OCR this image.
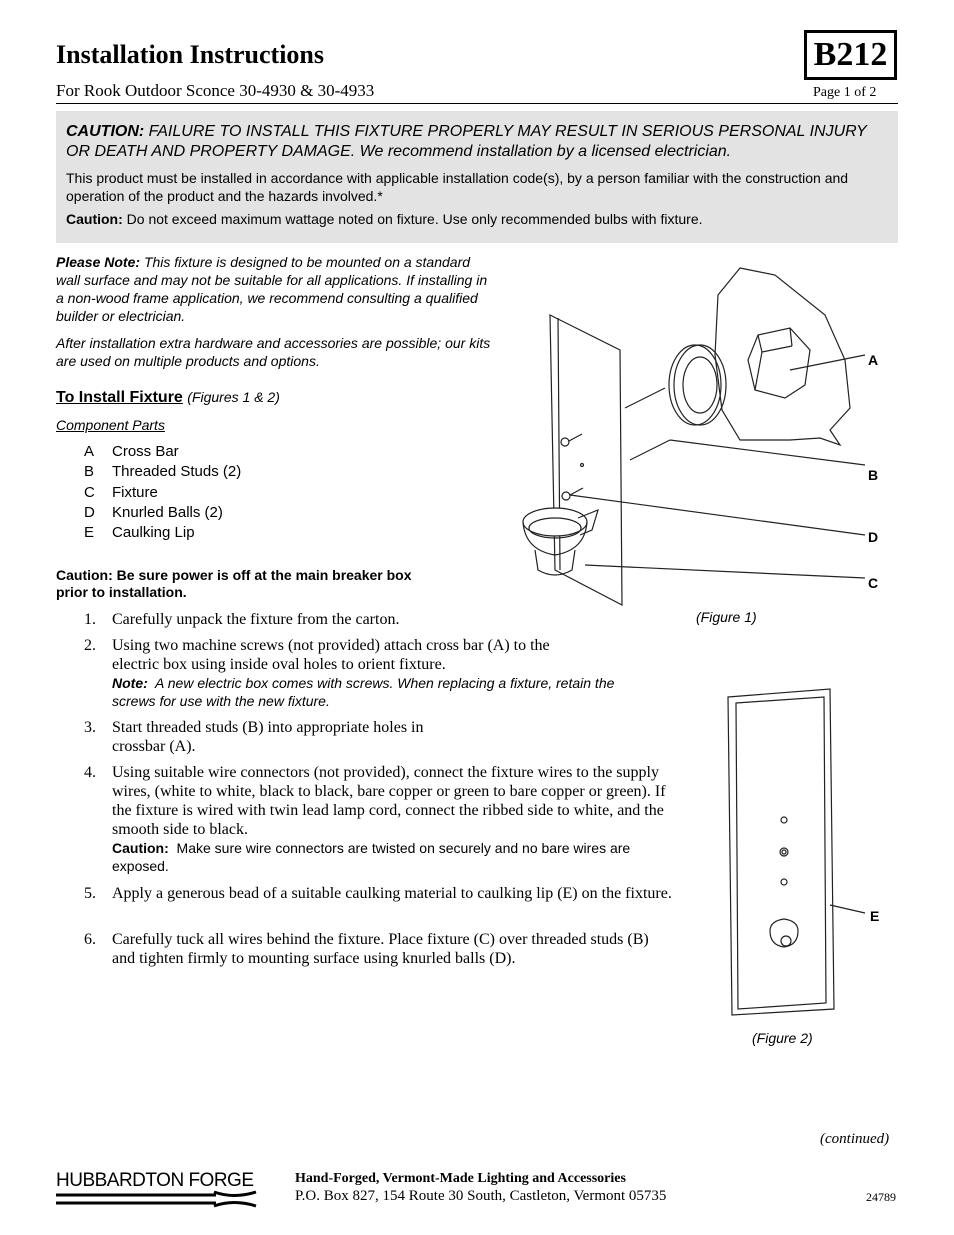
Installation Instructions
For Rook Outdoor Sconce 30-4930 & 30-4933
B212
Page 1 of 2
CAUTION: FAILURE TO INSTALL THIS FIXTURE PROPERLY MAY RESULT IN SERIOUS PERSONAL INJURY OR DEATH AND PROPERTY DAMAGE. We recommend installation by a licensed electrician.
This product must be installed in accordance with applicable installation code(s), by a person familiar with the construction and operation of the product and the hazards involved.*
Caution: Do not exceed maximum wattage noted on fixture. Use only recommended bulbs with fixture.
Please Note: This fixture is designed to be mounted on a standard wall surface and may not be suitable for all applications. If installing in a non-wood frame application, we recommend consulting a qualified builder or electrician.
After installation extra hardware and accessories are possible; our kits are used on multiple products and options.
To Install Fixture (Figures 1 & 2)
Component Parts
A Cross Bar
B Threaded Studs (2)
C Fixture
D Knurled Balls (2)
E Caulking Lip
Caution: Be sure power is off at the main breaker box
prior to installation.
1. Carefully unpack the fixture from the carton.
2. Using two machine screws (not provided) attach cross bar (A) to the electric box using inside oval holes to orient fixture.
Note: A new electric box comes with screws. When replacing a fixture, retain the screws for use with the new fixture.
3. Start threaded studs (B) into appropriate holes in crossbar (A).
4. Using suitable wire connectors (not provided), connect the fixture wires to the supply wires, (white to white, black to black, bare copper or green to bare copper or green). If the fixture is wired with twin lead lamp cord, connect the ribbed side to white, and the smooth side to black.
Caution: Make sure wire connectors are twisted on securely and no bare wires are exposed.
5. Apply a generous bead of a suitable caulking material to caulking lip (E) on the fixture.
6. Carefully tuck all wires behind the fixture. Place fixture (C) over threaded studs (B) and tighten firmly to mounting surface using knurled balls (D).
A
B
D
C
(Figure 1)
E
(Figure 2)
(continued)
HUBBARDTON FORGE	Hand-Forged, Vermont-Made Lighting and Accessories
P.O. Box 827, 154 Route 30 South, Castleton, Vermont 05735	24789
